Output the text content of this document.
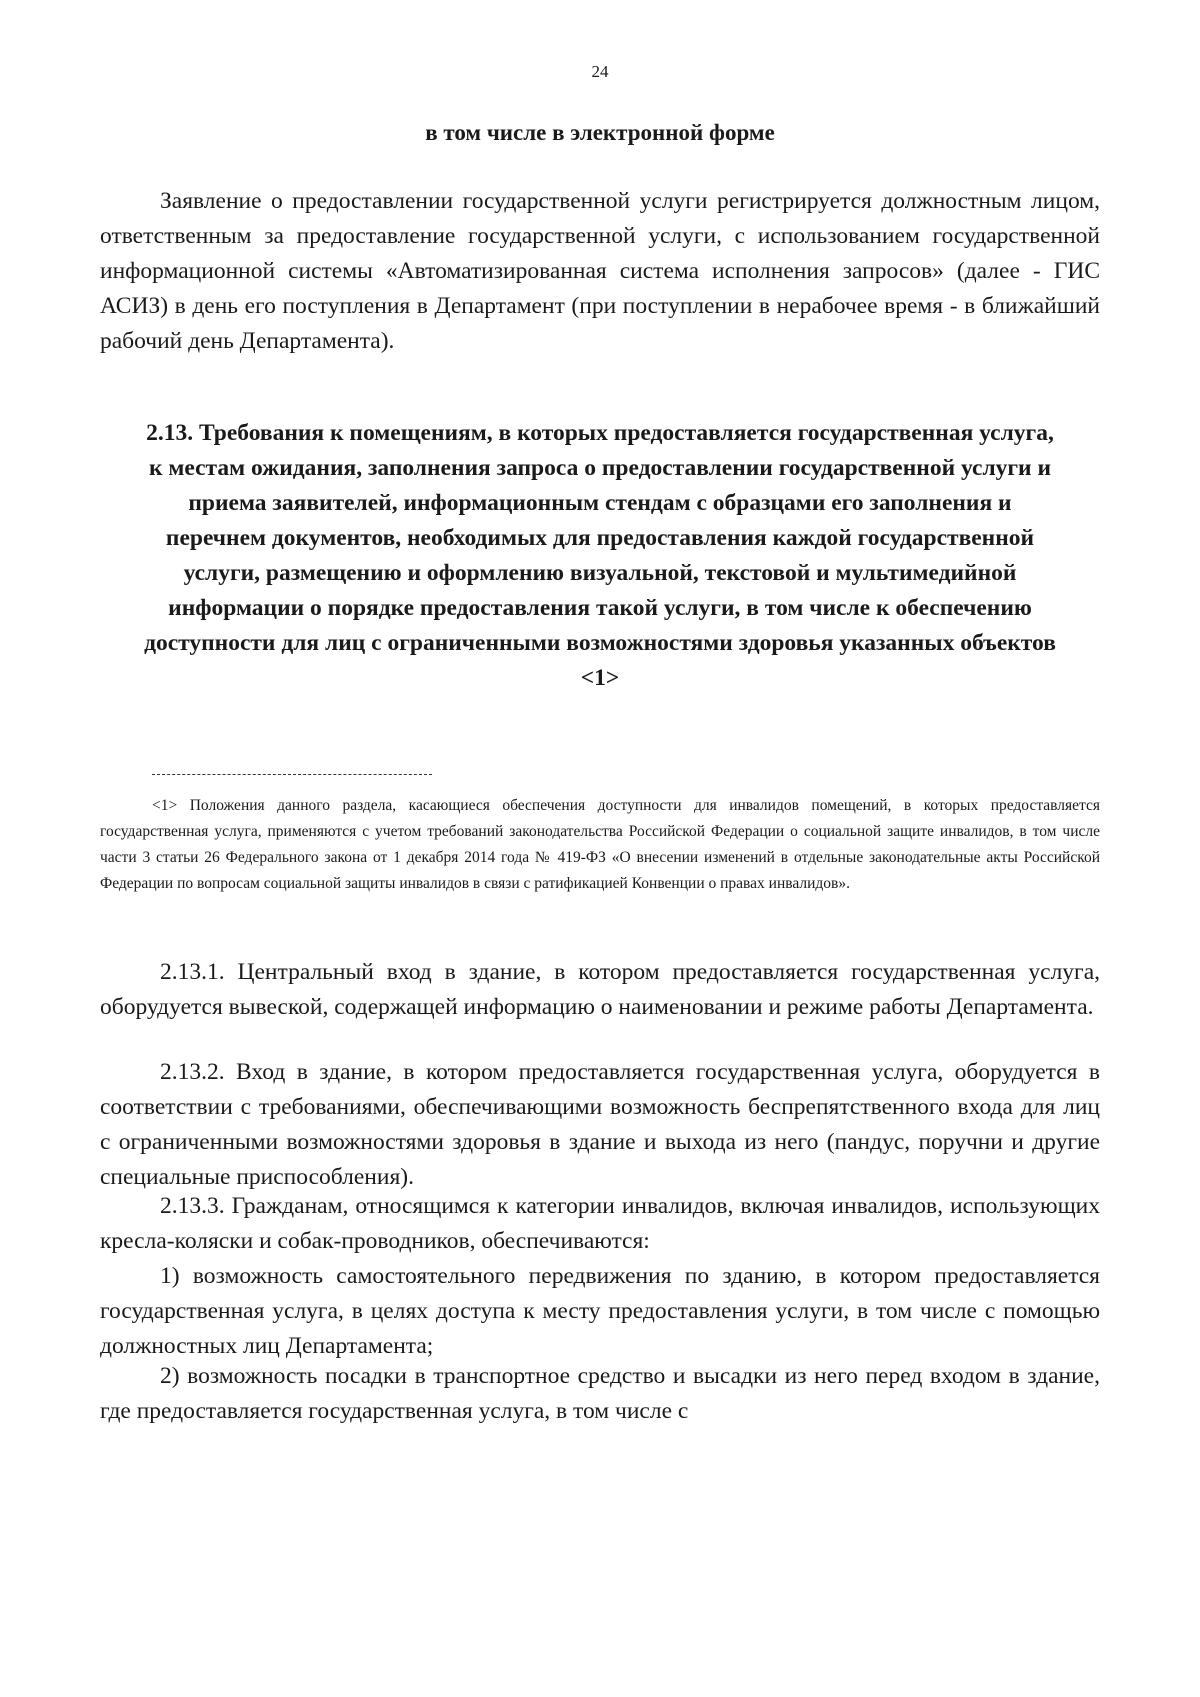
24
в том числе в электронной форме

Заявление о предоставлении государственной услуги регистрируется должностным лицом, ответственным за предоставление государственной услуги, с использованием государственной информационной системы «Автоматизированная система исполнения запросов» (далее - ГИС АСИЗ) в день его поступления в Департамент (при поступлении в нерабочее время - в ближайший рабочий день Департамента).

2.13. Требования к помещениям, в которых предоставляется государственная услуга, к местам ожидания, заполнения запроса о предоставлении государственной услуги и приема заявителей, информационным стендам с образцами его заполнения и перечнем документов, необходимых для предоставления каждой государственной услуги, размещению и оформлению визуальной, текстовой и мультимедийной информации о порядке предоставления такой услуги, в том числе к обеспечению доступности для лиц с ограниченными возможностями здоровья указанных объектов <1>

<1> Положения данного раздела, касающиеся обеспечения доступности для инвалидов помещений, в которых предоставляется государственная услуга, применяются с учетом требований законодательства Российской Федерации о социальной защите инвалидов, в том числе части 3 статьи 26 Федерального закона от 1 декабря 2014 года № 419-ФЗ «О внесении изменений в отдельные законодательные акты Российской Федерации по вопросам социальной защиты инвалидов в связи с ратификацией Конвенции о правах инвалидов».

2.13.1. Центральный вход в здание, в котором предоставляется государственная услуга, оборудуется вывеской, содержащей информацию о наименовании и режиме работы Департамента.

2.13.2. Вход в здание, в котором предоставляется государственная услуга, оборудуется в соответствии с требованиями, обеспечивающими возможность беспрепятственного входа для лиц с ограниченными возможностями здоровья в здание и выхода из него (пандус, поручни и другие специальные приспособления).

2.13.3. Гражданам, относящимся к категории инвалидов, включая инвалидов, использующих кресла-коляски и собак-проводников, обеспечиваются:

1) возможность самостоятельного передвижения по зданию, в котором предоставляется государственная услуга, в целях доступа к месту предоставления услуги, в том числе с помощью должностных лиц Департамента;

2) возможность посадки в транспортное средство и высадки из него перед входом в здание, где предоставляется государственная услуга, в том числе с
